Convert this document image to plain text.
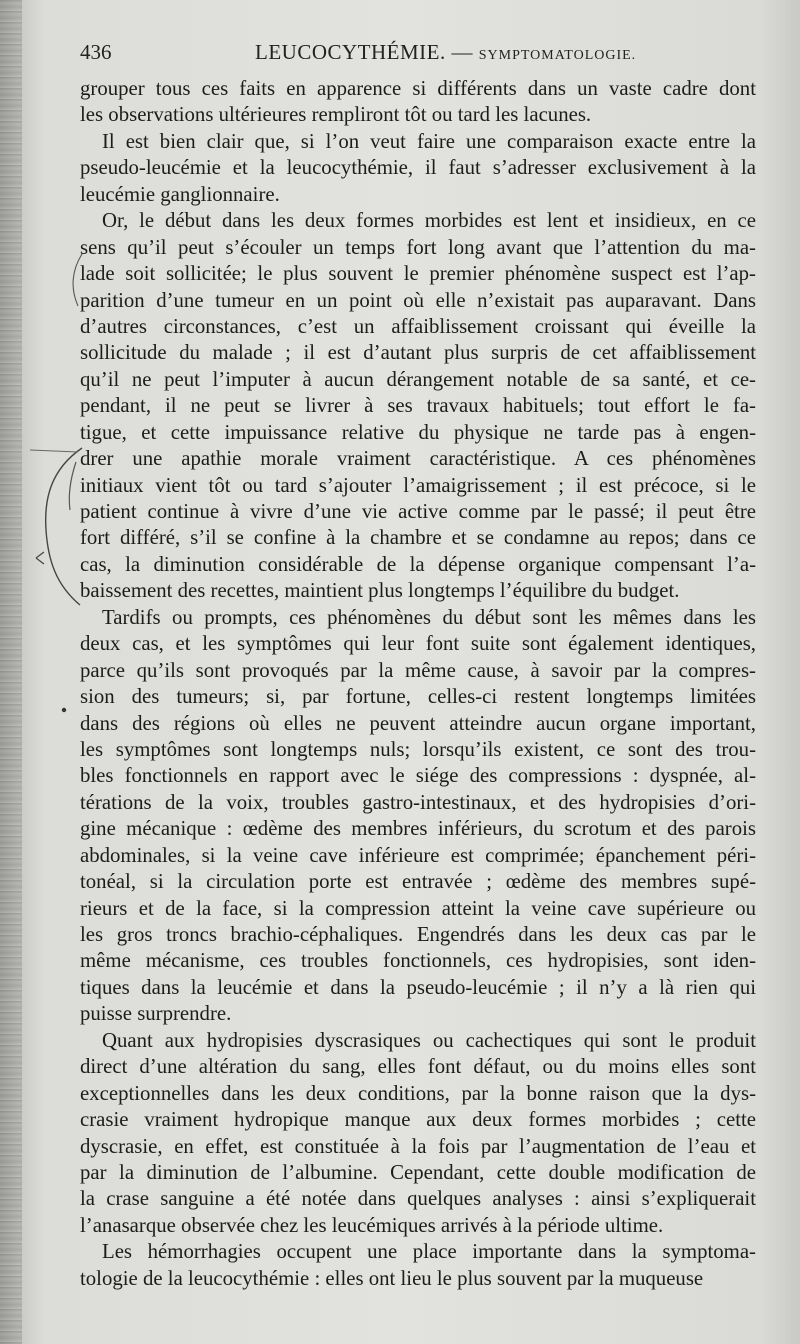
436	LEUCOCYTHÉMIE. — SYMPTOMATOLOGIE.
grouper tous ces faits en apparence si différents dans un vaste cadre dont
les observations ultérieures rempliront tôt ou tard les lacunes.
Il est bien clair que, si l’on veut faire une comparaison exacte entre la
pseudo-leucémie et la leucocythémie, il faut s’adresser exclusivement à la
leucémie ganglionnaire.
Or, le début dans les deux formes morbides est lent et insidieux, en ce
sens qu’il peut s’écouler un temps fort long avant que l’attention du ma-
lade soit sollicitée; le plus souvent le premier phénomène suspect est l’ap-
parition d’une tumeur en un point où elle n’existait pas auparavant. Dans
d’autres circonstances, c’est un affaiblissement croissant qui éveille la
sollicitude du malade ; il est d’autant plus surpris de cet affaiblissement
qu’il ne peut l’imputer à aucun dérangement notable de sa santé, et ce-
pendant, il ne peut se livrer à ses travaux habituels; tout effort le fa-
tigue, et cette impuissance relative du physique ne tarde pas à engen-
drer une apathie morale vraiment caractéristique. A ces phénomènes
initiaux vient tôt ou tard s’ajouter l’amaigrissement ; il est précoce, si le
patient continue à vivre d’une vie active comme par le passé; il peut être
fort différé, s’il se confine à la chambre et se condamne au repos; dans ce
cas, la diminution considérable de la dépense organique compensant l’a-
baissement des recettes, maintient plus longtemps l’équilibre du budget.
Tardifs ou prompts, ces phénomènes du début sont les mêmes dans les
deux cas, et les symptômes qui leur font suite sont également identiques,
parce qu’ils sont provoqués par la même cause, à savoir par la compres-
sion des tumeurs; si, par fortune, celles-ci restent longtemps limitées
dans des régions où elles ne peuvent atteindre aucun organe important,
les symptômes sont longtemps nuls; lorsqu’ils existent, ce sont des trou-
bles fonctionnels en rapport avec le siége des compressions : dyspnée, al-
térations de la voix, troubles gastro-intestinaux, et des hydropisies d’ori-
gine mécanique : œdème des membres inférieurs, du scrotum et des parois
abdominales, si la veine cave inférieure est comprimée; épanchement péri-
tonéal, si la circulation porte est entravée ; œdème des membres supé-
rieurs et de la face, si la compression atteint la veine cave supérieure ou
les gros troncs brachio-céphaliques. Engendrés dans les deux cas par le
même mécanisme, ces troubles fonctionnels, ces hydropisies, sont iden-
tiques dans la leucémie et dans la pseudo-leucémie ; il n’y a là rien qui
puisse surprendre.
Quant aux hydropisies dyscrasiques ou cachectiques qui sont le produit
direct d’une altération du sang, elles font défaut, ou du moins elles sont
exceptionnelles dans les deux conditions, par la bonne raison que la dys-
crasie vraiment hydropique manque aux deux formes morbides ; cette
dyscrasie, en effet, est constituée à la fois par l’augmentation de l’eau et
par la diminution de l’albumine. Cependant, cette double modification de
la crase sanguine a été notée dans quelques analyses : ainsi s’expliquerait
l’anasarque observée chez les leucémiques arrivés à la période ultime.
Les hémorrhagies occupent une place importante dans la symptoma-
tologie de la leucocythémie : elles ont lieu le plus souvent par la muqueuse
